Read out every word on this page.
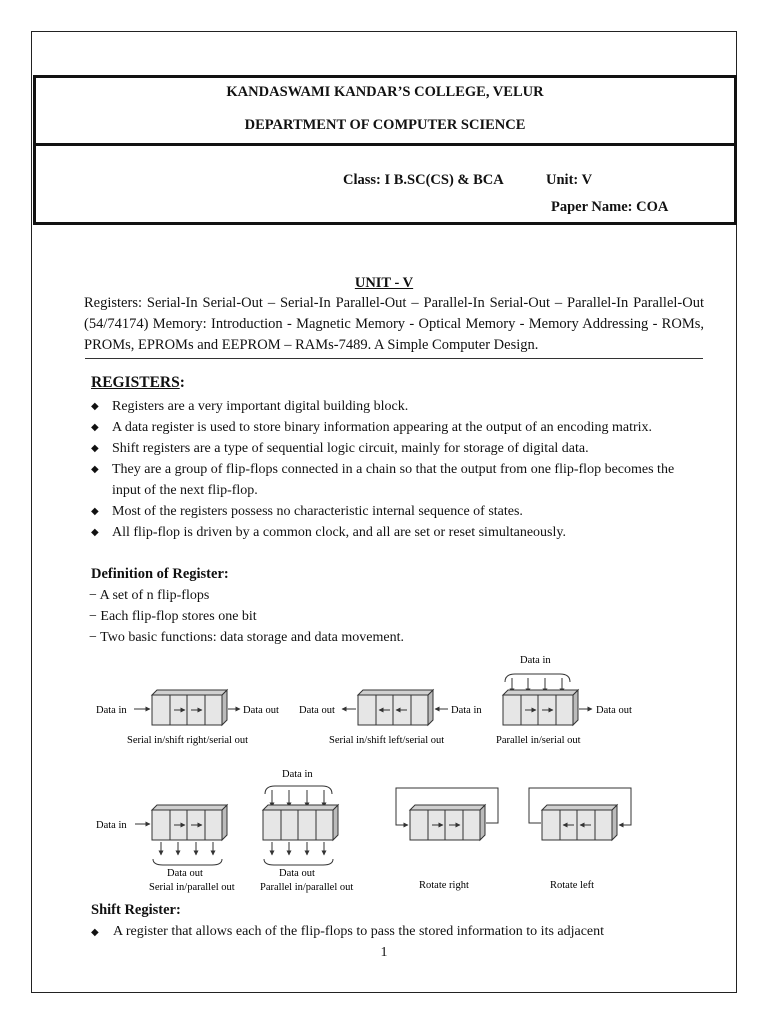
KANDASWAMI KANDAR’S COLLEGE, VELUR
DEPARTMENT OF COMPUTER SCIENCE
Class: I B.SC(CS) & BCA	Unit: V
Paper Name: COA
UNIT - V
Registers: Serial-In Serial-Out – Serial-In Parallel-Out – Parallel-In Serial-Out – Parallel-In Parallel-Out (54/74174) Memory: Introduction - Magnetic Memory - Optical Memory - Memory Addressing - ROMs, PROMs, EPROMs and EEPROM – RAMs-7489. A Simple Computer Design.
REGISTERS:
◆ Registers are a very important digital building block.
◆ A data register is used to store binary information appearing at the output of an encoding matrix.
◆ Shift registers are a type of sequential logic circuit, mainly for storage of digital data.
◆ They are a group of flip-flops connected in a chain so that the output from one flip-flop becomes the input of the next flip-flop.
◆ Most of the registers possess no characteristic internal sequence of states.
◆ All flip-flop is driven by a common clock, and all are set or reset simultaneously.
Definition of Register:
− A set of n flip-flops
− Each flip-flop stores one bit
− Two basic functions: data storage and data movement.
Data in	Data out
Serial in/shift right/serial out
Data out	Data in
Serial in/shift left/serial out
Data in
Data out
Parallel in/serial out
Data in
Data out
Serial in/parallel out
Data in
Data out
Parallel in/parallel out	Rotate right	Rotate left
Shift Register:
◆ A register that allows each of the flip-flops to pass the stored information to its adjacent
1
